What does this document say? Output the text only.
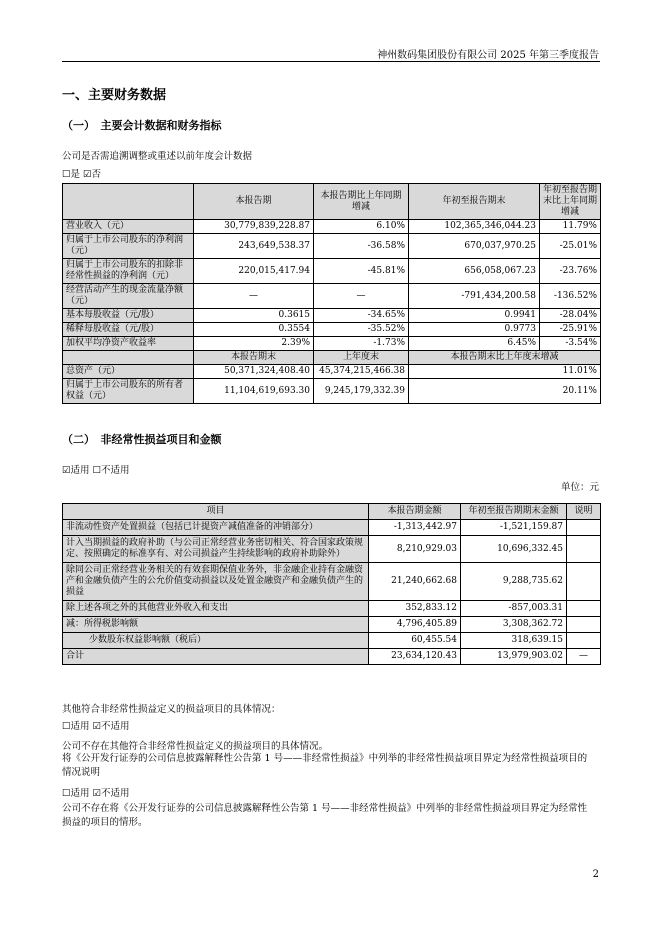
神州数码集团股份有限公司 2025 年第三季度报告
一、主要财务数据
（一）　主要会计数据和财务指标
公司是否需追溯调整或重述以前年度会计数据
☐是 ☑否
	本报告期	本报告期比上年同期增减	年初至报告期末	年初至报告期末比上年同期增减
营业收入（元）	30,779,839,228.87	6.10%	102,365,346,044.23	11.79%
归属于上市公司股东的净利润（元）	243,649,538.37	-36.58%	670,037,970.25	-25.01%
归属于上市公司股东的扣除非经常性损益的净利润（元）	220,015,417.94	-45.81%	656,058,067.23	-23.76%
经营活动产生的现金流量净额（元）	—	—	-791,434,200.58	-136.52%
基本每股收益（元/股）	0.3615	-34.65%	0.9941	-28.04%
稀释每股收益（元/股）	0.3554	-35.52%	0.9773	-25.91%
加权平均净资产收益率	2.39%	-1.73%	6.45%	-3.54%
	本报告期末	上年度末	本报告期末比上年度末增减	
总资产（元）	50,371,324,408.40	45,374,215,466.38	11.01%	
归属于上市公司股东的所有者权益（元）	11,104,619,693.30	9,245,179,332.39	20.11%	
（二）　非经常性损益项目和金额
☑适用 ☐不适用
单位：元
项目	本报告期金额	年初至报告期期末金额	说明
非流动性资产处置损益（包括已计提资产减值准备的冲销部分）	-1,313,442.97	-1,521,159.87	
计入当期损益的政府补助（与公司正常经营业务密切相关、符合国家政策规定、按照确定的标准享有、对公司损益产生持续影响的政府补助除外）	8,210,929.03	10,696,332.45	
除同公司正常经营业务相关的有效套期保值业务外，非金融企业持有金融资产和金融负债产生的公允价值变动损益以及处置金融资产和金融负债产生的损益	21,240,662.68	9,288,735.62	
除上述各项之外的其他营业外收入和支出	352,833.12	-857,003.31	
减：所得税影响额	4,796,405.89	3,308,362.72	
少数股东权益影响额（税后）	60,455.54	318,639.15	
合计	23,634,120.43	13,979,903.02	—
其他符合非经常性损益定义的损益项目的具体情况：
☐适用 ☑不适用
公司不存在其他符合非经常性损益定义的损益项目的具体情况。
将《公开发行证券的公司信息披露解释性公告第 1 号——非经常性损益》中列举的非经常性损益项目界定为经常性损益项目的情况说明
☐适用 ☑不适用
公司不存在将《公开发行证券的公司信息披露解释性公告第 1 号——非经常性损益》中列举的非经常性损益项目界定为经常性损益的项目的情形。
2
